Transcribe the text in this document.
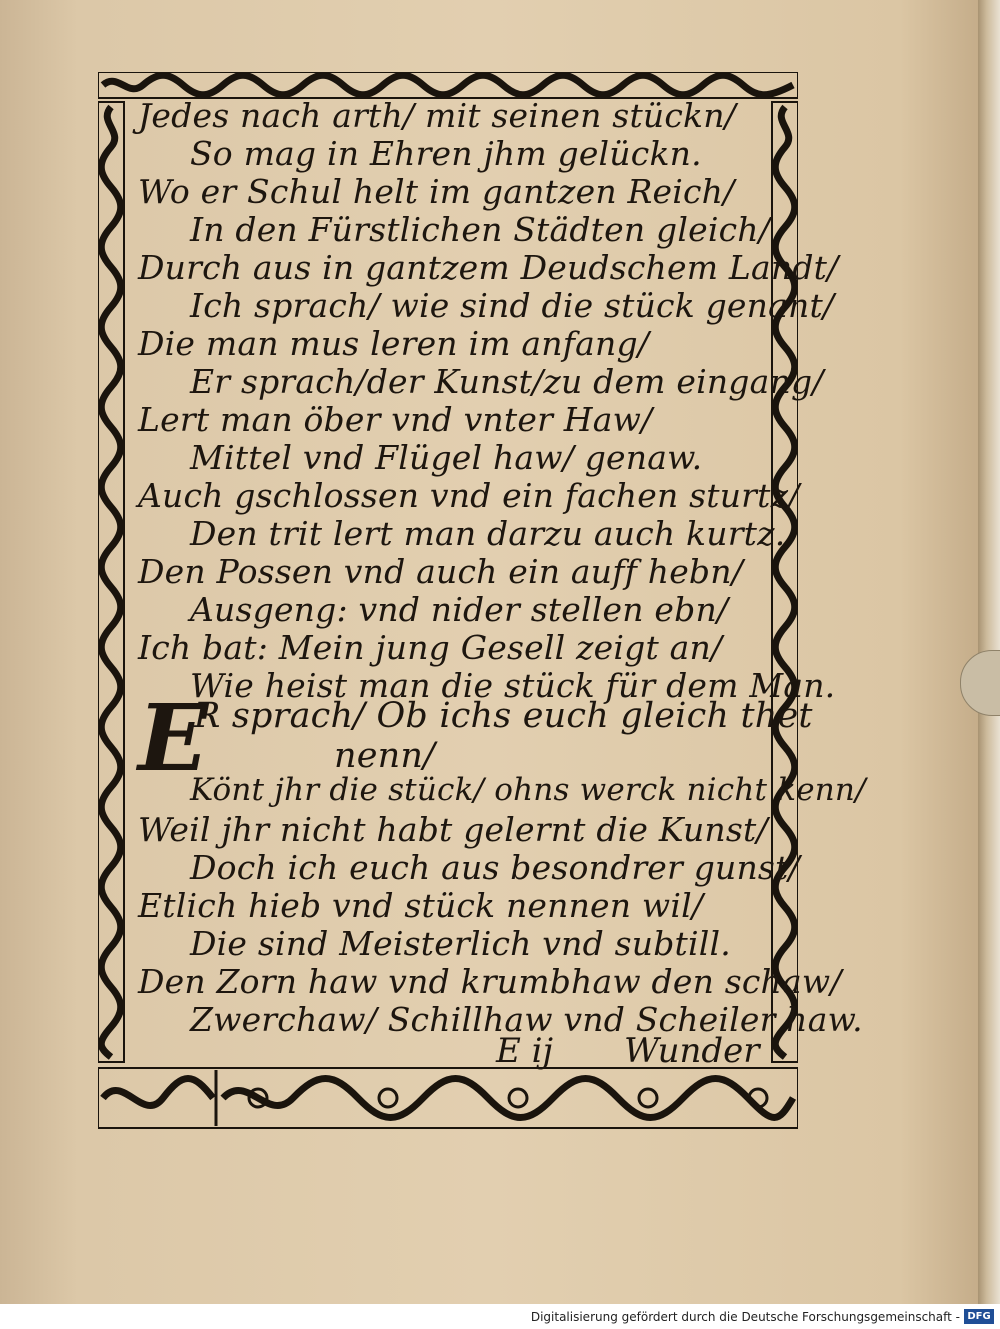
Jedes nach arth/ mit seinen stückn/
So mag in Ehren jhm gelückn.
Wo er Schul helt im gantzen Reich/
In den Fürstlichen Städten gleich/
Durch aus in gantzem Deudschem Landt/
Ich sprach/ wie sind die stück genant/
Die man mus leren im anfang/
Er sprach/der Kunst/zu dem eingang/
Lert man öber vnd vnter Haw/
Mittel vnd Flügel haw/ genaw.
Auch gschlossen vnd ein fachen sturtz/
Den trit lert man darzu auch kurtz.
Den Possen vnd auch ein auff hebn/
Ausgeng: vnd nider stellen ebn/
Ich bat: Mein jung Gesell zeigt an/
Wie heist man die stück für dem Man.
E
R sprach/ Ob ichs euch gleich thet
nenn/
Könt jhr die stück/ ohns werck nicht kenn/
Weil jhr nicht habt gelernt die Kunst/
Doch ich euch aus besondrer gunst/
Etlich hieb vnd stück nennen wil/
Die sind Meisterlich vnd subtill.
Den Zorn haw vnd krumbhaw den schaw/
Zwerchaw/ Schillhaw vnd Scheiler haw.
E ij Wunder
Digitalisierung gefördert durch die Deutsche Forschungsgemeinschaft - DFG
